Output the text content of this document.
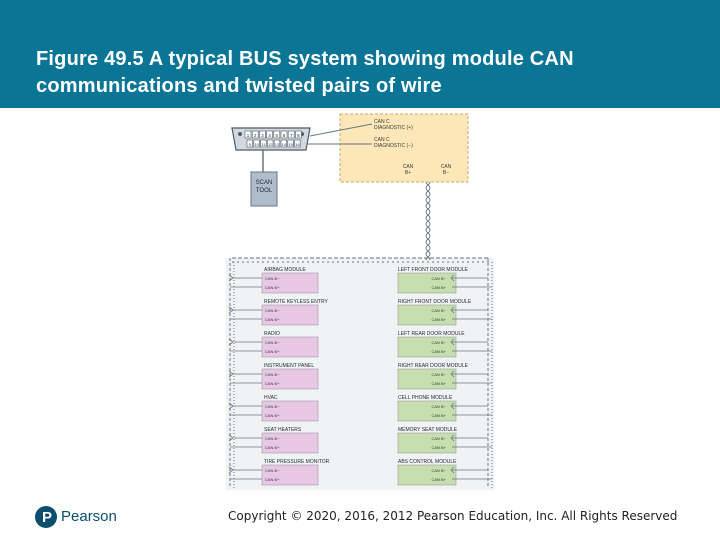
Figure 49.5 A typical BUS system showing module CAN communications and twisted pairs of wire
1 2 3 4 5 6 7 8
9 10 11 12 13 14 15 16
SCAN
TOOL
CAN C
DIAGNOSTIC (+)
CAN C
DIAGNOSTIC (−)
CAN
B+
CAN
B−
AIRBAG MODULE
CAN B−
CAN B+
REMOTE KEYLESS ENTRY
CAN B−
CAN B+
RADIO
CAN B−
CAN B+
INSTRUMENT PANEL
CAN B−
CAN B+
HVAC
CAN B−
CAN B+
SEAT HEATERS
CAN B−
CAN B+
TIRE PRESSURE MONITOR
CAN B−
CAN B+
LEFT FRONT DOOR MODULE
CAN B−
CAN B+
RIGHT FRONT DOOR MODULE
CAN B−
CAN B+
LEFT REAR DOOR MODULE
CAN B−
CAN B+
RIGHT REAR DOOR MODULE
CAN B−
CAN B+
CELL PHONE MODULE
CAN B−
CAN B+
MEMORY SEAT MODULE
CAN B−
CAN B+
ABS CONTROL MODULE
CAN B−
CAN B+
P Pearson	Copyright © 2020, 2016, 2012 Pearson Education, Inc. All Rights Reserved
